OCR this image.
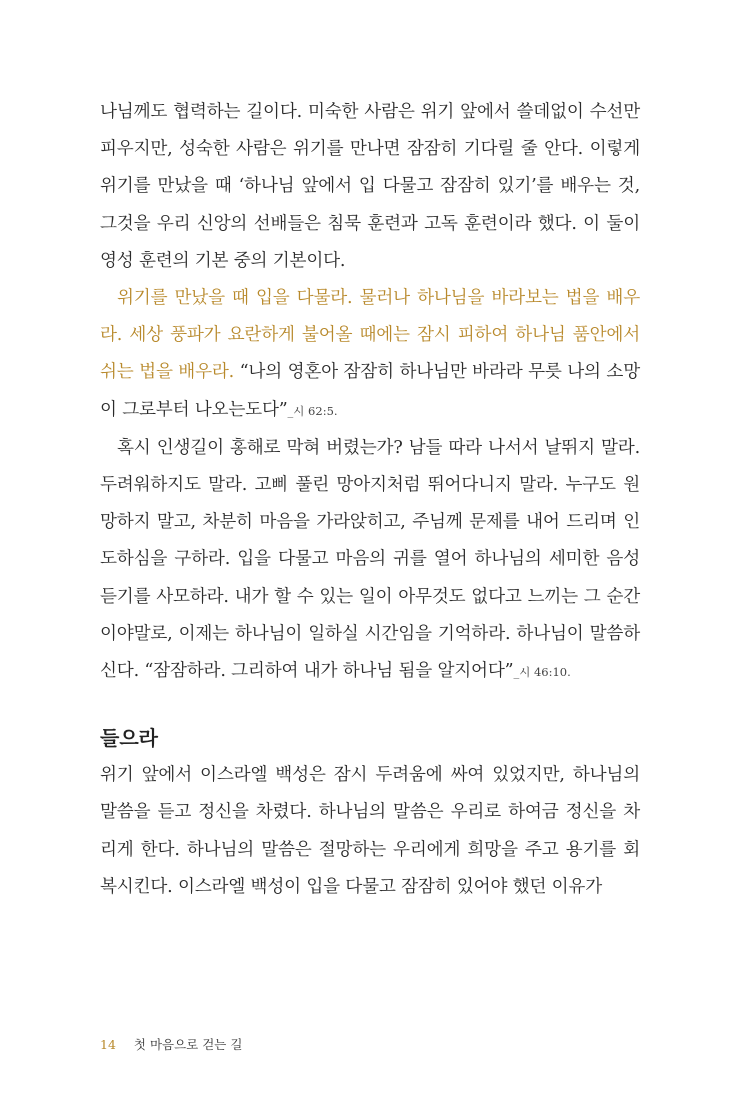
나님께도 협력하는 길이다. 미숙한 사람은 위기 앞에서 쓸데없이 수선만 피우지만, 성숙한 사람은 위기를 만나면 잠잠히 기다릴 줄 안다. 이렇게 위기를 만났을 때 ‘하나님 앞에서 입 다물고 잠잠히 있기’를 배우는 것, 그것을 우리 신앙의 선배들은 침묵 훈련과 고독 훈련이라 했다. 이 둘이 영성 훈련의 기본 중의 기본이다.

위기를 만났을 때 입을 다물라. 물러나 하나님을 바라보는 법을 배우라. 세상 풍파가 요란하게 불어올 때에는 잠시 피하여 하나님 품안에서 쉬는 법을 배우라. “나의 영혼아 잠잠히 하나님만 바라라 무릇 나의 소망이 그로부터 나오는도다”_시 62:5.

혹시 인생길이 홍해로 막혀 버렸는가? 남들 따라 나서서 날뛰지 말라. 두려워하지도 말라. 고삐 풀린 망아지처럼 뛰어다니지 말라. 누구도 원망하지 말고, 차분히 마음을 가라앉히고, 주님께 문제를 내어 드리며 인도하심을 구하라. 입을 다물고 마음의 귀를 열어 하나님의 세미한 음성 듣기를 사모하라. 내가 할 수 있는 일이 아무것도 없다고 느끼는 그 순간이야말로, 이제는 하나님이 일하실 시간임을 기억하라. 하나님이 말씀하신다. “잠잠하라. 그리하여 내가 하나님 됨을 알지어다”_시 46:10.

들으라

위기 앞에서 이스라엘 백성은 잠시 두려움에 싸여 있었지만, 하나님의 말씀을 듣고 정신을 차렸다. 하나님의 말씀은 우리로 하여금 정신을 차리게 한다. 하나님의 말씀은 절망하는 우리에게 희망을 주고 용기를 회복시킨다. 이스라엘 백성이 입을 다물고 잠잠히 있어야 했던 이유가

14 첫 마음으로 걷는 길
